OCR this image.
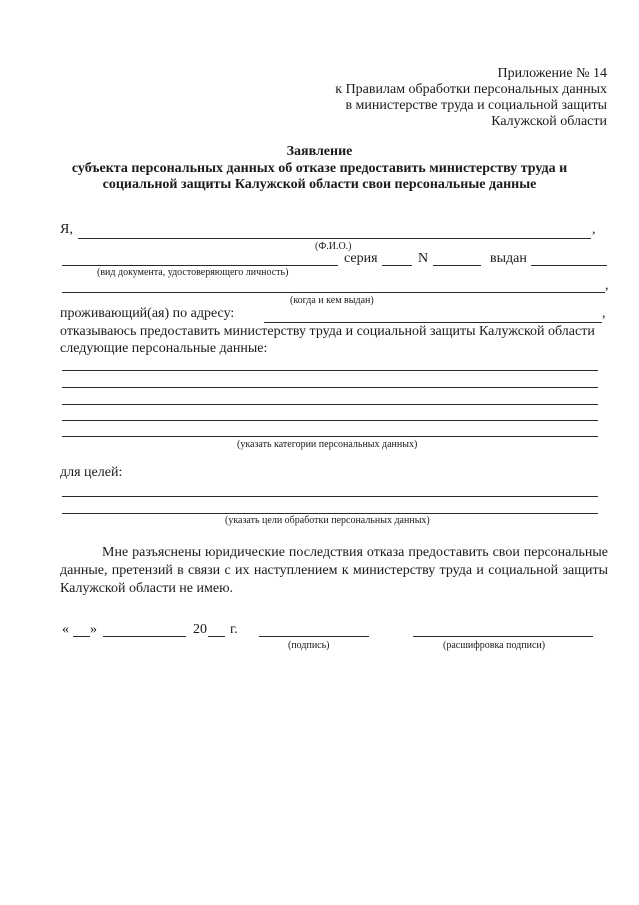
Приложение № 14
к Правилам обработки персональных данных
в министерстве труда и социальной защиты
Калужской области
Заявление
субъекта персональных данных об отказе предоставить министерству труда и
социальной защиты Калужской области свои персональные данные
Я,	,
(Ф.И.О.)
серия	N	выдан
(вид документа, удостоверяющего личность)
,
(когда и кем выдан)
проживающий(ая) по адресу:	,
отказываюсь предоставить министерству труда и социальной защиты Калужской области
следующие персональные данные:
(указать категории персональных данных)
для целей:
(указать цели обработки персональных данных)
Мне разъяснены юридические последствия отказа предоставить свои персональные данные, претензий в связи с их наступлением к министерству труда и социальной защиты Калужской области не имею.
« »	20 г.
(подпись)	(расшифровка подписи)
